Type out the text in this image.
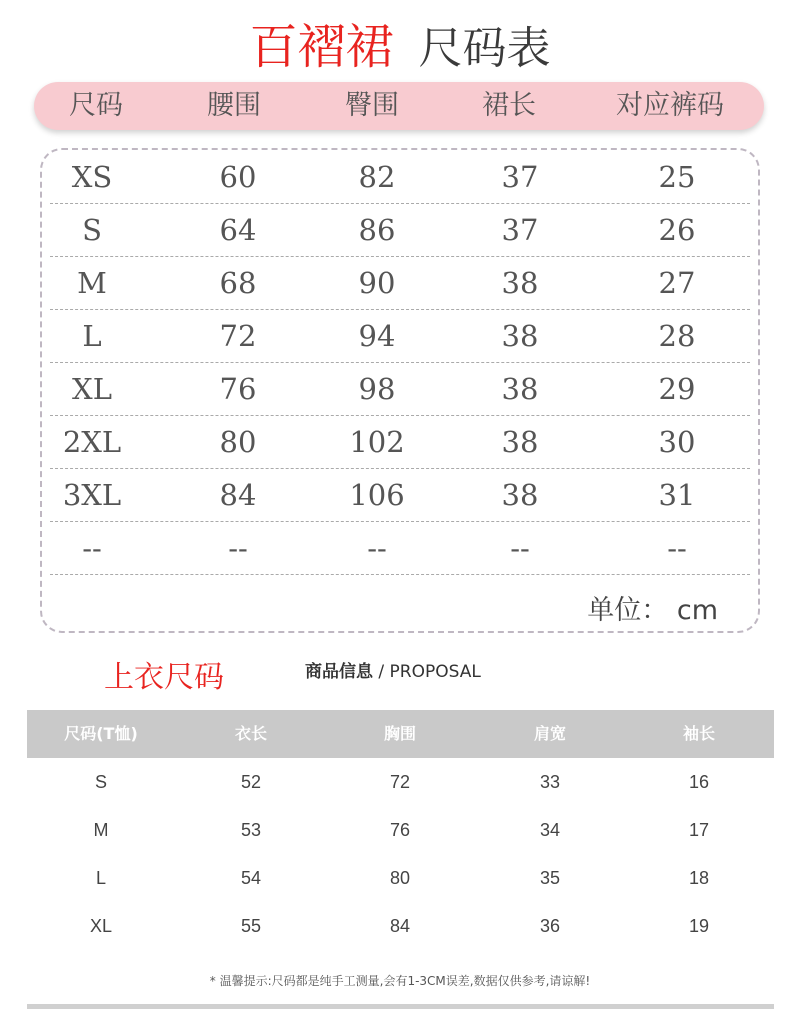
百褶裙 尺码表
尺码	腰围	臀围	裙长	对应裤码
XS	60	82	37	25
S	64	86	37	26
M	68	90	38	27
L	72	94	38	28
XL	76	98	38	29
2XL	80	102	38	30
3XL	84	106	38	31
--	--	--	--	--
单位： cm
上衣尺码	商品信息 / PROPOSAL
尺码(T恤)	衣长	胸围	肩宽	袖长
S	52	72	33	16
M	53	76	34	17
L	54	80	35	18
XL	55	84	36	19
* 温馨提示:尺码都是纯手工测量,会有1-3CM误差,数据仅供参考,请谅解!
